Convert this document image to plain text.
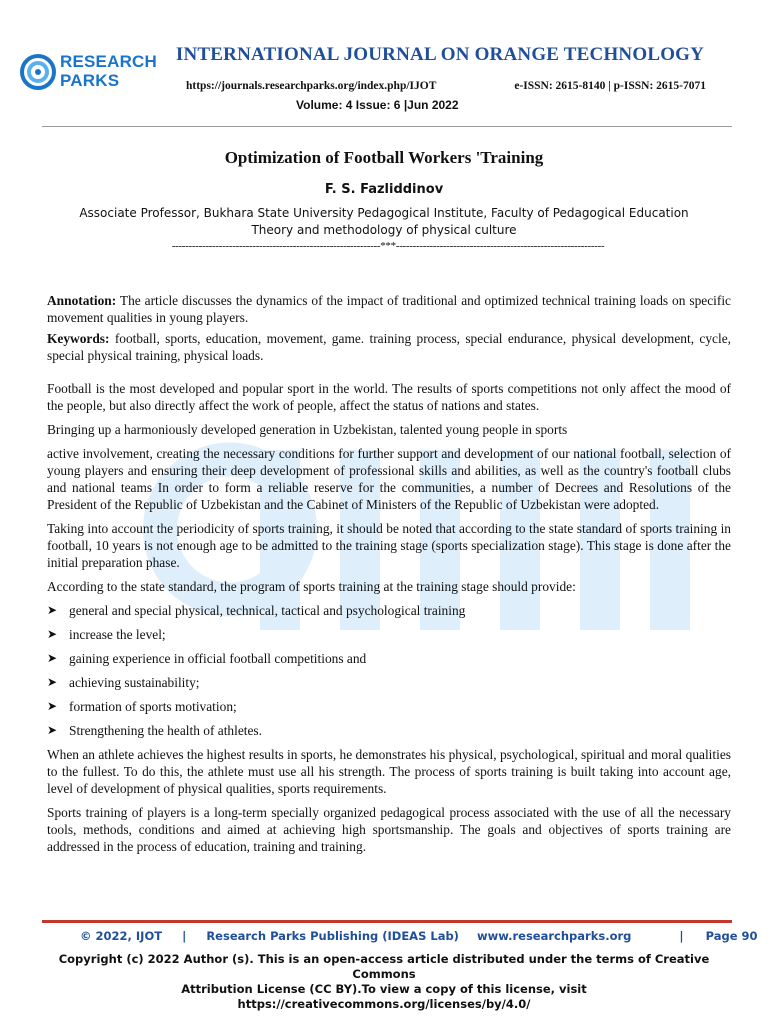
RESEARCH
PARKS
INTERNATIONAL JOURNAL ON ORANGE TECHNOLOGY
https://journals.researchparks.org/index.php/IJOT	e-ISSN: 2615-8140 | p-ISSN: 2615-7071
Volume: 4 Issue: 6 |Jun 2022
Optimization of Football Workers 'Training
F. S. Fazliddinov
Associate Professor, Bukhara State University Pedagogical Institute, Faculty of Pedagogical Education
Theory and methodology of physical culture
--------------------------------------------------------------***--------------------------------------------------------------

Annotation: The article discusses the dynamics of the impact of traditional and optimized technical training loads on specific movement qualities in young players.

Keywords: football, sports, education, movement, game. training process, special endurance, physical development, cycle, special physical training, physical loads.

Football is the most developed and popular sport in the world. The results of sports competitions not only affect the mood of the people, but also directly affect the work of people, affect the status of nations and states.

Bringing up a harmoniously developed generation in Uzbekistan, talented young people in sports

active involvement, creating the necessary conditions for further support and development of our national football, selection of young players and ensuring their deep development of professional skills and abilities, as well as the country's football clubs and national teams In order to form a reliable reserve for the communities, a number of Decrees and Resolutions of the President of the Republic of Uzbekistan and the Cabinet of Ministers of the Republic of Uzbekistan were adopted.

Taking into account the periodicity of sports training, it should be noted that according to the state standard of sports training in football, 10 years is not enough age to be admitted to the training stage (sports specialization stage). This stage is done after the initial preparation phase.

According to the state standard, the program of sports training at the training stage should provide:

➤ general and special physical, technical, tactical and psychological training
➤ increase the level;
➤ gaining experience in official football competitions and
➤ achieving sustainability;
➤ formation of sports motivation;
➤ Strengthening the health of athletes.

When an athlete achieves the highest results in sports, he demonstrates his physical, psychological, spiritual and moral qualities to the fullest. To do this, the athlete must use all his strength. The process of sports training is built taking into account age, level of development of physical qualities, sports requirements.

Sports training of players is a long-term specially organized pedagogical process associated with the use of all the necessary tools, methods, conditions and aimed at achieving high sportsmanship. The goals and objectives of sports training are addressed in the process of education, training and training.

© 2022, IJOT | Research Parks Publishing (IDEAS Lab) www.researchparks.org	| Page 90
Copyright (c) 2022 Author (s). This is an open-access article distributed under the terms of Creative Commons
Attribution License (CC BY).To view a copy of this license, visit https://creativecommons.org/licenses/by/4.0/
